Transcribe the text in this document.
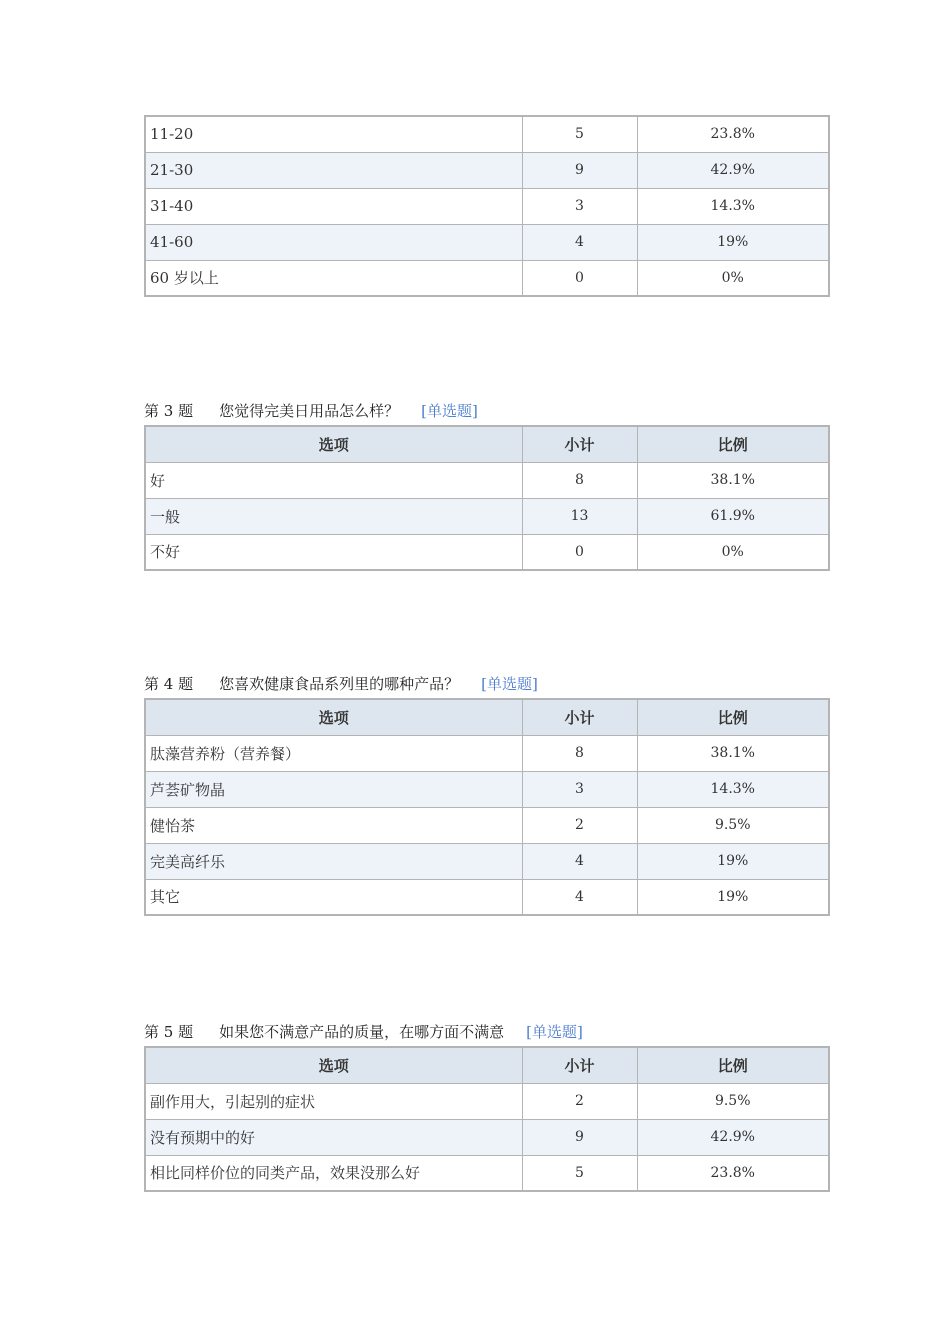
11-20	5	23.8%
21-30	9	42.9%
31-40	3	14.3%
41-60	4	19%
60 岁以上	0	0%
第 3 题 您觉得完美日用品怎么样？ [单选题]
选项	小计	比例
好	8	38.1%
一般	13	61.9%
不好	0	0%
第 4 题 您喜欢健康食品系列里的哪种产品？ [单选题]
选项	小计	比例
肽藻营养粉（营养餐）	8	38.1%
芦荟矿物晶	3	14.3%
健怡茶	2	9.5%
完美高纤乐	4	19%
其它	4	19%
第 5 题 如果您不满意产品的质量，在哪方面不满意 [单选题]
选项	小计	比例
副作用大，引起别的症状	2	9.5%
没有预期中的好	9	42.9%
相比同样价位的同类产品，效果没那么好	5	23.8%
